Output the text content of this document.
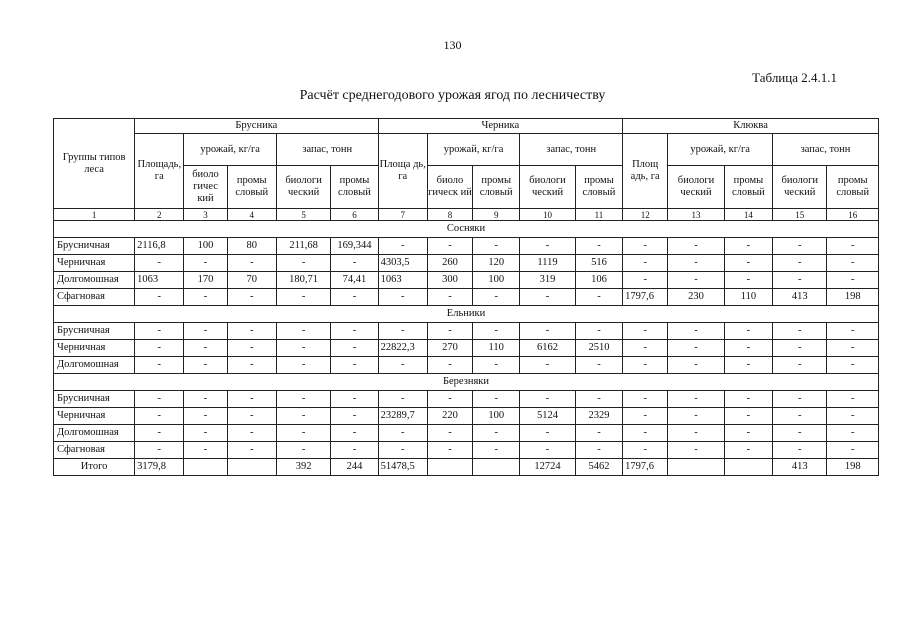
130
Таблица 2.4.1.1
Расчёт среднегодового урожая ягод по лесничеству
Группы типов леса	Брусника					Черника					Клюква				
	Площадь, га	урожай, кг/га		запас, тонн		Площа дь, га	урожай, кг/га		запас, тонн		Площ адь, га	урожай, кг/га		запас, тонн	
		биоло гичес кий	промы словый	биологи ческий	промы словый		биоло гическ ий	промы словый	биологи ческий	промы словый		биологи ческий	промы словый	биологи ческий	промы словый
1	2	3	4	5	6	7	8	9	10	11	12	13	14	15	16
Сосняки															
Брусничная	2116,8	100	80	211,68	169,344	-	-	-	-	-	-	-	-	-	-
Черничная	-	-	-	-	-	4303,5	260	120	1119	516	-	-	-	-	-
Долгомошная	1063	170	70	180,71	74,41	1063	300	100	319	106	-	-	-	-	-
Сфагновая	-	-	-	-	-	-	-	-	-	-	1797,6	230	110	413	198
Ельники															
Брусничная	-	-	-	-	-	-	-	-	-	-	-	-	-	-	-
Черничная	-	-	-	-	-	22822,3	270	110	6162	2510	-	-	-	-	-
Долгомошная	-	-	-	-	-	-	-	-	-	-	-	-	-	-	-
Березняки															
Брусничная	-	-	-	-	-	-	-	-	-	-	-	-	-	-	-
Черничная	-	-	-	-	-	23289,7	220	100	5124	2329	-	-	-	-	-
Долгомошная	-	-	-	-	-	-	-	-	-	-	-	-	-	-	-
Сфагновая	-	-	-	-	-	-	-	-	-	-	-	-	-	-	-
Итого	3179,8			392	244	51478,5			12724	5462	1797,6			413	198
